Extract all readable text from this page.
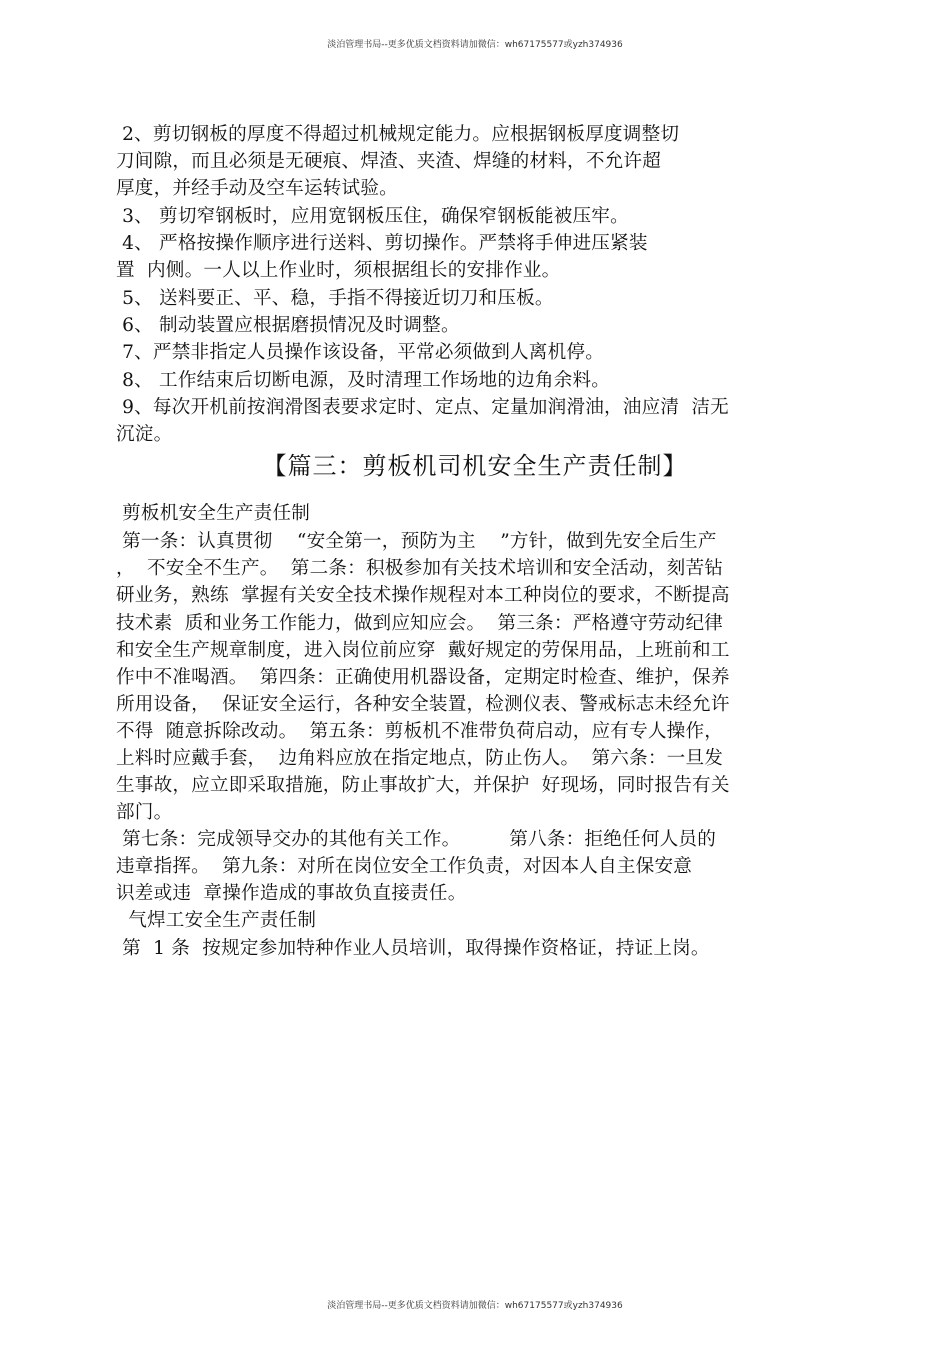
淡泊管理书局--更多优质文档资料请加微信：wh67175577或yzh374936
2、剪切钢板的厚度不得超过机械规定能力。应根据钢板厚度调整切
刀间隙，而且必须是无硬痕、焊渣、夹渣、焊缝的材料，不允许超
厚度，并经手动及空车运转试验。
3、 剪切窄钢板时，应用宽钢板压住，确保窄钢板能被压牢。
4、 严格按操作顺序进行送料、剪切操作。严禁将手伸进压紧装
置  内侧。一人以上作业时，须根据组长的安排作业。
5、 送料要正、平、稳，手指不得接近切刀和压板。
6、 制动装置应根据磨损情况及时调整。
7、严禁非指定人员操作该设备，平常必须做到人离机停。
8、 工作结束后切断电源，及时清理工作场地的边角余料。
9、每次开机前按润滑图表要求定时、定点、定量加润滑油，油应清  洁无
沉淀。
【篇三：剪板机司机安全生产责任制】
剪板机安全生产责任制
第一条：认真贯彻    “安全第一，预防为主    ”方针，做到先安全后生产
，  不安全不生产。  第二条：积极参加有关技术培训和安全活动，刻苦钻
研业务，熟练  掌握有关安全技术操作规程对本工种岗位的要求，不断提高
技术素  质和业务工作能力，做到应知应会。  第三条：严格遵守劳动纪律
和安全生产规章制度，进入岗位前应穿  戴好规定的劳保用品，上班前和工
作中不准喝酒。  第四条：正确使用机器设备，定期定时检查、维护，保养
所用设备，  保证安全运行，各种安全装置，检测仪表、警戒标志未经允许
不得  随意拆除改动。  第五条：剪板机不准带负荷启动，应有专人操作，
上料时应戴手套，  边角料应放在指定地点，防止伤人。  第六条：一旦发
生事故，应立即采取措施，防止事故扩大，并保护  好现场，同时报告有关
部门。
第七条：完成领导交办的其他有关工作。        第八条：拒绝任何人员的
违章指挥。  第九条：对所在岗位安全工作负责，对因本人自主保安意
识差或违  章操作造成的事故负直接责任。
气焊工安全生产责任制
第  1 条  按规定参加特种作业人员培训，取得操作资格证，持证上岗。
淡泊管理书局--更多优质文档资料请加微信：wh67175577或yzh374936
